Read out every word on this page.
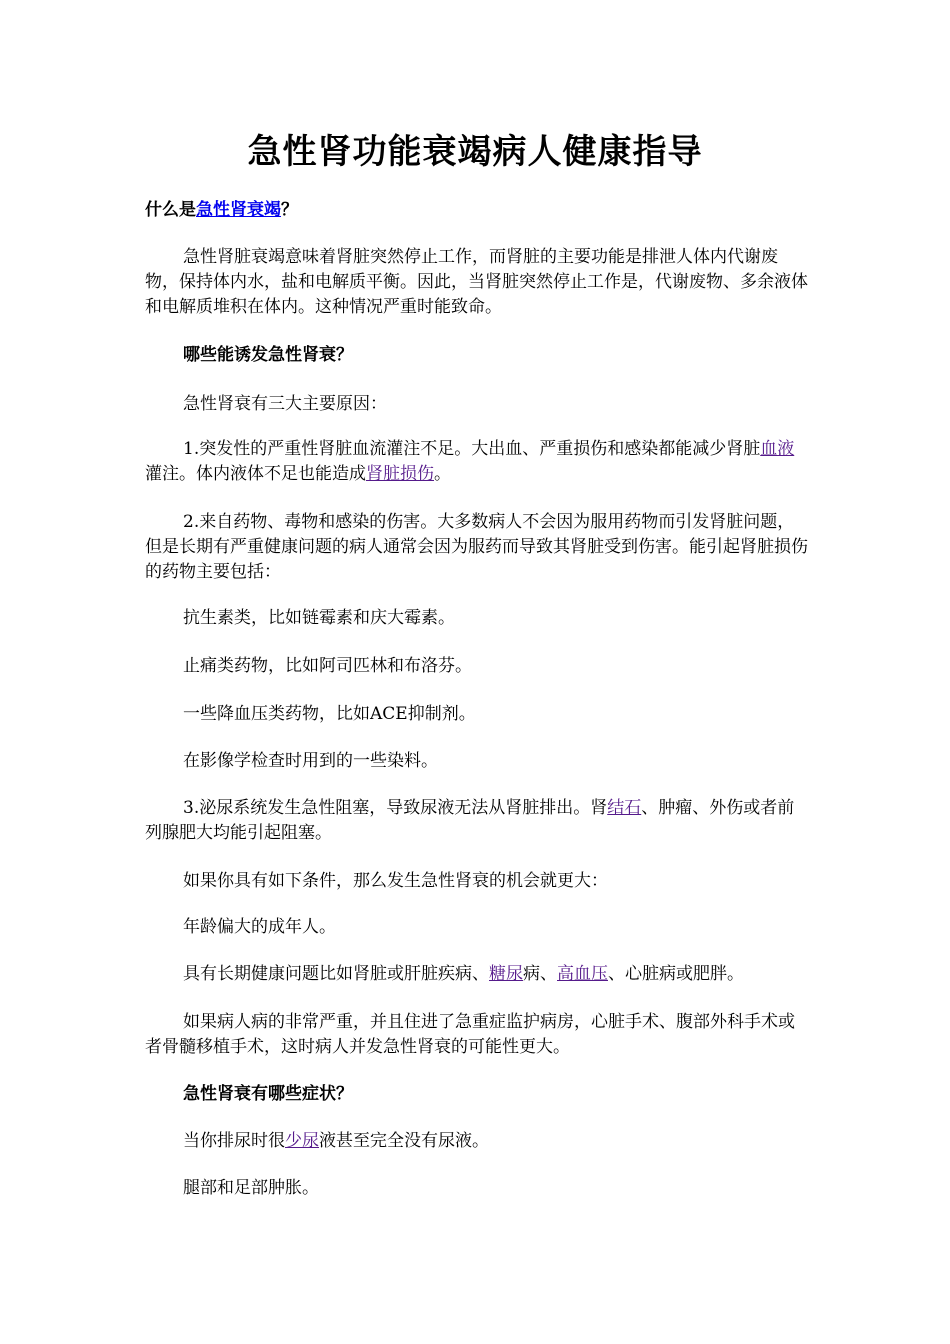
急性肾功能衰竭病人健康指导

什么是急性肾衰竭？

急性肾脏衰竭意味着肾脏突然停止工作，而肾脏的主要功能是排泄人体内代谢废物，保持体内水，盐和电解质平衡。因此，当肾脏突然停止工作是，代谢废物、多余液体和电解质堆积在体内。这种情况严重时能致命。

哪些能诱发急性肾衰？

急性肾衰有三大主要原因：

1.突发性的严重性肾脏血流灌注不足。大出血、严重损伤和感染都能减少肾脏血液灌注。体内液体不足也能造成肾脏损伤。

2.来自药物、毒物和感染的伤害。大多数病人不会因为服用药物而引发肾脏问题，但是长期有严重健康问题的病人通常会因为服药而导致其肾脏受到伤害。能引起肾脏损伤的药物主要包括：

抗生素类，比如链霉素和庆大霉素。

止痛类药物，比如阿司匹林和布洛芬。

一些降血压类药物，比如ACE抑制剂。

在影像学检查时用到的一些染料。

3.泌尿系统发生急性阻塞，导致尿液无法从肾脏排出。肾结石、肿瘤、外伤或者前列腺肥大均能引起阻塞。

如果你具有如下条件，那么发生急性肾衰的机会就更大：

年龄偏大的成年人。

具有长期健康问题比如肾脏或肝脏疾病、糖尿病、高血压、心脏病或肥胖。

如果病人病的非常严重，并且住进了急重症监护病房，心脏手术、腹部外科手术或者骨髓移植手术，这时病人并发急性肾衰的可能性更大。

急性肾衰有哪些症状？

当你排尿时很少尿液甚至完全没有尿液。

腿部和足部肿胀。
